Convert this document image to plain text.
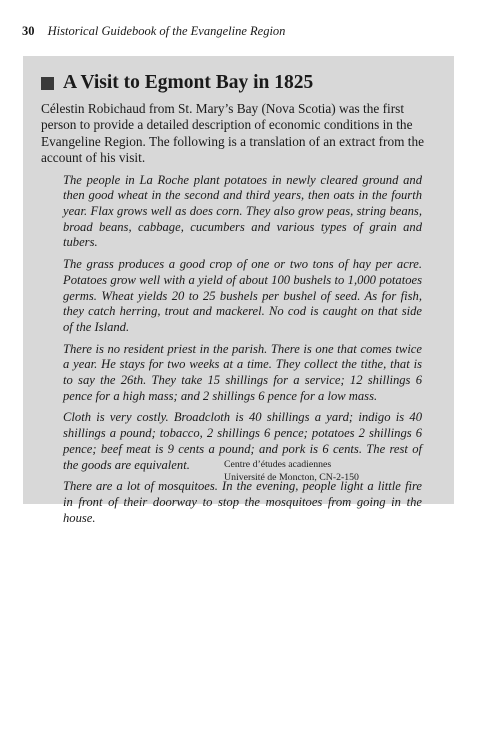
30 Historical Guidebook of the Evangeline Region
A Visit to Egmont Bay in 1825

Célestin Robichaud from St. Mary’s Bay (Nova Scotia) was the first person to provide a detailed description of economic conditions in the Evangeline Region. The following is a translation of an extract from the account of his visit.

The people in La Roche plant potatoes in newly cleared ground and then good wheat in the second and third years, then oats in the fourth year. Flax grows well as does corn. They also grow peas, string beans, broad beans, cabbage, cucumbers and various types of grain and tubers.

The grass produces a good crop of one or two tons of hay per acre. Potatoes grow well with a yield of about 100 bushels to 1,000 potatoes germs. Wheat yields 20 to 25 bushels per bushel of seed. As for fish, they catch herring, trout and mackerel. No cod is caught on that side of the Island.

There is no resident priest in the parish. There is one that comes twice a year. He stays for two weeks at a time. They collect the tithe, that is to say the 26th. They take 15 shillings for a service; 12 shillings 6 pence for a high mass; and 2 shillings 6 pence for a low mass.

Cloth is very costly. Broadcloth is 40 shillings a yard; indigo is 40 shillings a pound; tobacco, 2 shillings 6 pence; potatoes 2 shillings 6 pence; beef meat is 9 cents a pound; and pork is 6 cents. The rest of the goods are equivalent.

There are a lot of mosquitoes. In the evening, people light a little fire in front of their doorway to stop the mosquitoes from going in the house.

Centre d’études acadiennes
Université de Moncton, CN-2-150
